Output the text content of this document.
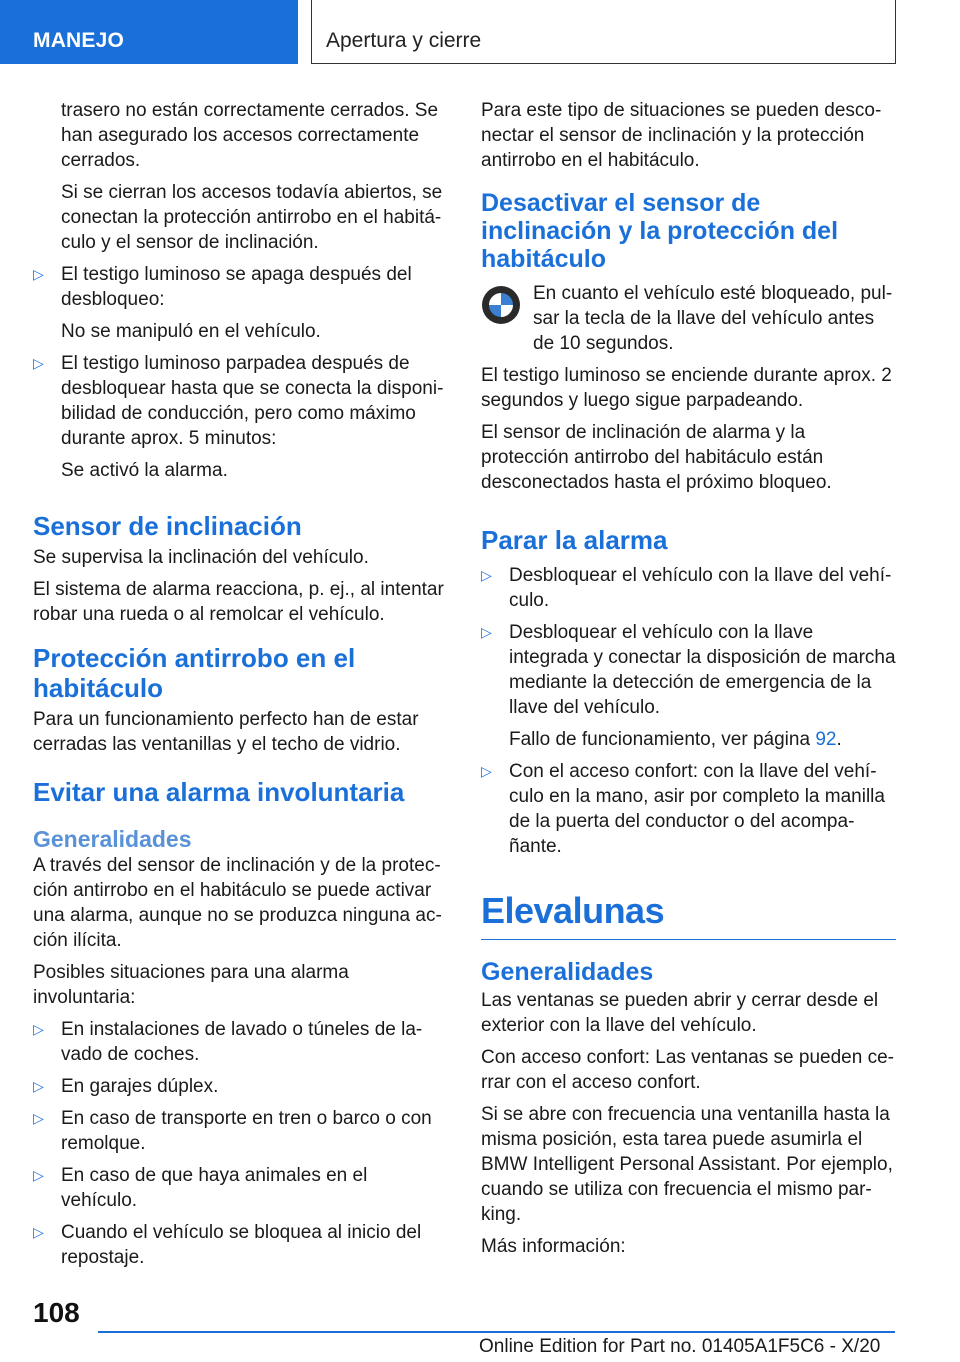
MANEJO	Apertura y cierre

trasero no están correctamente cerrados. Se han asegurado los accesos correctamente cerrados.

Si se cierran los accesos todavía abiertos, se conectan la protección antirrobo en el habitáculo y el sensor de inclinación.

▷ El testigo luminoso se apaga después del desbloqueo:
No se manipuló en el vehículo.
▷ El testigo luminoso parpadea después de desbloquear hasta que se conecta la disponibilidad de conducción, pero como máximo durante aprox. 5 minutos:
Se activó la alarma.
Sensor de inclinación

Se supervisa la inclinación del vehículo.

El sistema de alarma reacciona, p. ej., al intentar robar una rueda o al remolcar el vehículo.

Protección antirrobo en el habitáculo

Para un funcionamiento perfecto han de estar cerradas las ventanillas y el techo de vidrio.

Evitar una alarma involuntaria
Generalidades

A través del sensor de inclinación y de la protección antirrobo en el habitáculo se puede activar una alarma, aunque no se produzca ninguna acción ilícita.

Posibles situaciones para una alarma involuntaria:

▷ En instalaciones de lavado o túneles de lavado de coches.
▷ En garajes dúplex.
▷ En caso de transporte en tren o barco o con remolque.
▷ En caso de que haya animales en el vehículo.
▷ Cuando el vehículo se bloquea al inicio del repostaje.

Para este tipo de situaciones se pueden desconectar el sensor de inclinación y la protección antirrobo en el habitáculo.

Desactivar el sensor de inclinación y la protección del habitáculo

En cuanto el vehículo esté bloqueado, pulsar la tecla de la llave del vehículo antes de 10 segundos.

El testigo luminoso se enciende durante aprox. 2 segundos y luego sigue parpadeando.

El sensor de inclinación de alarma y la protección antirrobo del habitáculo están desconectados hasta el próximo bloqueo.

Parar la alarma
▷ Desbloquear el vehículo con la llave del vehículo.
▷ Desbloquear el vehículo con la llave integrada y conectar la disposición de marcha mediante la detección de emergencia de la llave del vehículo.
Fallo de funcionamiento, ver página 92.
▷ Con el acceso confort: con la llave del vehículo en la mano, asir por completo la manilla de la puerta del conductor o del acompañante.
Elevalunas
Generalidades

Las ventanas se pueden abrir y cerrar desde el exterior con la llave del vehículo.

Con acceso confort: Las ventanas se pueden cerrar con el acceso confort.

Si se abre con frecuencia una ventanilla hasta la misma posición, esta tarea puede asumirla el BMW Intelligent Personal Assistant. Por ejemplo, cuando se utiliza con frecuencia el mismo parking.

Más información:

108
Online Edition for Part no. 01405A1F5C6 - X/20
